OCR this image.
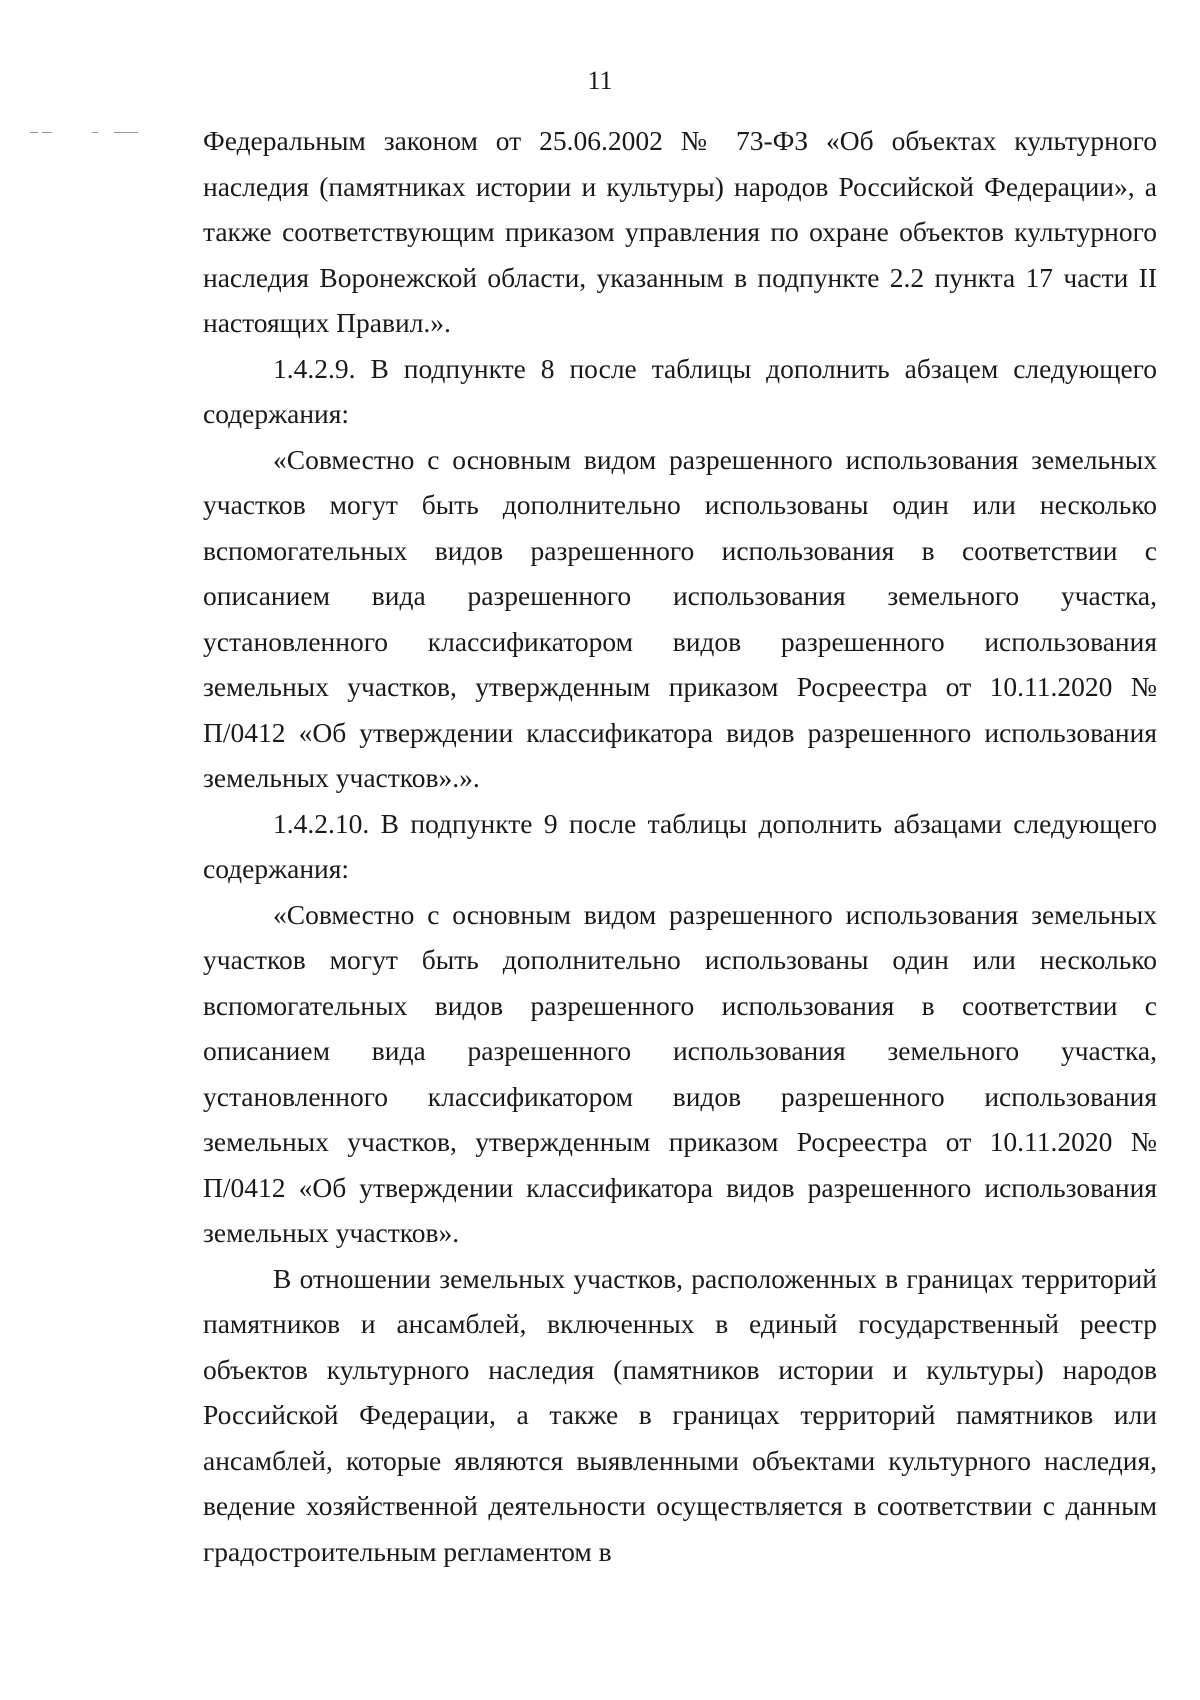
11

Федеральным законом от 25.06.2002 № 73-ФЗ «Об объектах культурного наследия (памятниках истории и культуры) народов Российской Федерации», а также соответствующим приказом управления по охране объектов культурного наследия Воронежской области, указанным в подпункте 2.2 пункта 17 части II настоящих Правил.».

1.4.2.9. В подпункте 8 после таблицы дополнить абзацем следующего содержания:

«Совместно с основным видом разрешенного использования земельных участков могут быть дополнительно использованы один или несколько вспомогательных видов разрешенного использования в соответствии с описанием вида разрешенного использования земельного участка, установленного классификатором видов разрешенного использования земельных участков, утвержденным приказом Росреестра от 10.11.2020 № П/0412 «Об утверждении классификатора видов разрешенного использования земельных участков».».

1.4.2.10. В подпункте 9 после таблицы дополнить абзацами следующего содержания:

«Совместно с основным видом разрешенного использования земельных участков могут быть дополнительно использованы один или несколько вспомогательных видов разрешенного использования в соответствии с описанием вида разрешенного использования земельного участка, установленного классификатором видов разрешенного использования земельных участков, утвержденным приказом Росреестра от 10.11.2020 № П/0412 «Об утверждении классификатора видов разрешенного использования земельных участков».

В отношении земельных участков, расположенных в границах территорий памятников и ансамблей, включенных в единый государственный реестр объектов культурного наследия (памятников истории и культуры) народов Российской Федерации, а также в границах территорий памятников или ансамблей, которые являются выявленными объектами культурного наследия, ведение хозяйственной деятельности осуществляется в соответствии с данным градостроительным регламентом в
